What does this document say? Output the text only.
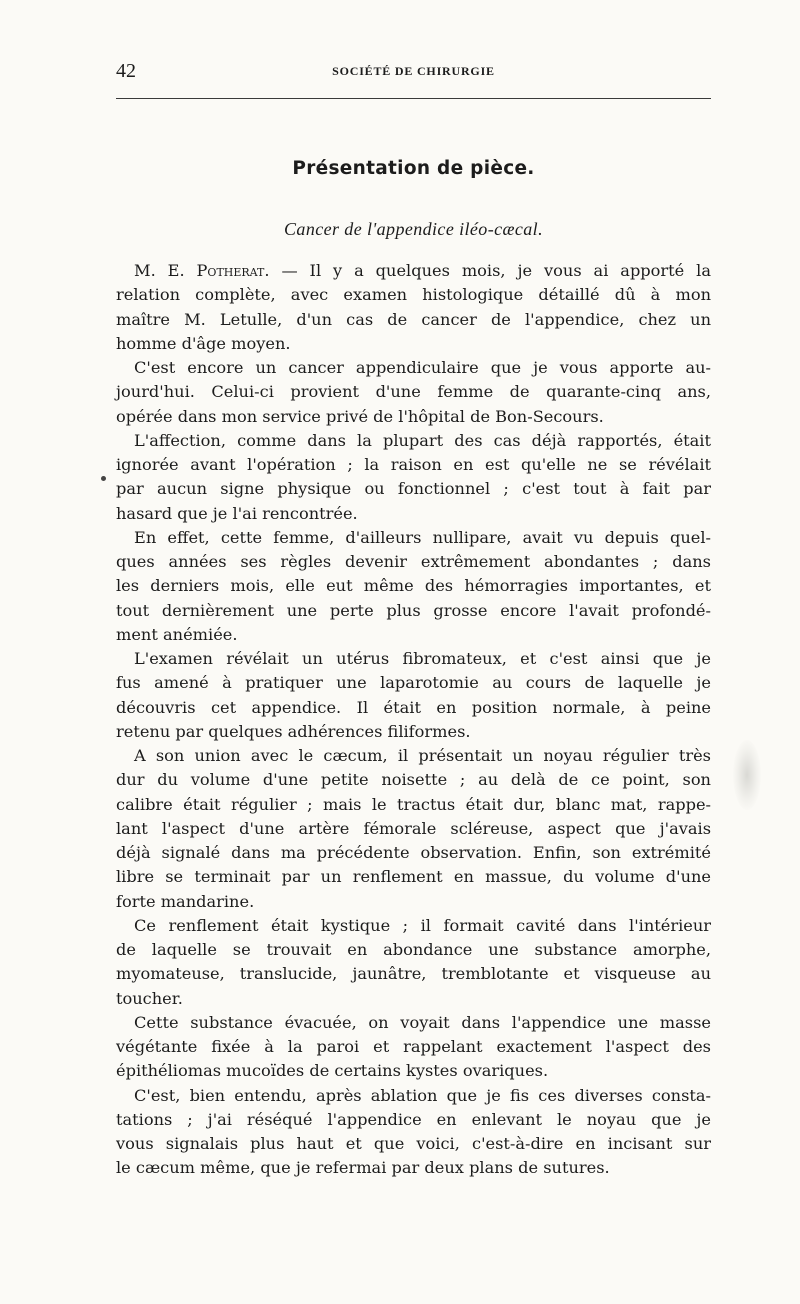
42	SOCIÉTÉ DE CHIRURGIE
Présentation de pièce.
Cancer de l'appendice iléo-cæcal.
M. E. Potherat. — Il y a quelques mois, je vous ai apporté la
relation complète, avec examen histologique détaillé dû à mon
maître M. Letulle, d'un cas de cancer de l'appendice, chez un
homme d'âge moyen.
C'est encore un cancer appendiculaire que je vous apporte au-
jourd'hui. Celui-ci provient d'une femme de quarante-cinq ans,
opérée dans mon service privé de l'hôpital de Bon-Secours.
L'affection, comme dans la plupart des cas déjà rapportés, était
ignorée avant l'opération ; la raison en est qu'elle ne se révélait
par aucun signe physique ou fonctionnel ; c'est tout à fait par
hasard que je l'ai rencontrée.
En effet, cette femme, d'ailleurs nullipare, avait vu depuis quel-
ques années ses règles devenir extrêmement abondantes ; dans
les derniers mois, elle eut même des hémorragies importantes, et
tout dernièrement une perte plus grosse encore l'avait profondé-
ment anémiée.
L'examen révélait un utérus fibromateux, et c'est ainsi que je
fus amené à pratiquer une laparotomie au cours de laquelle je
découvris cet appendice. Il était en position normale, à peine
retenu par quelques adhérences filiformes.
A son union avec le cæcum, il présentait un noyau régulier très
dur du volume d'une petite noisette ; au delà de ce point, son
calibre était régulier ; mais le tractus était dur, blanc mat, rappe-
lant l'aspect d'une artère fémorale scléreuse, aspect que j'avais
déjà signalé dans ma précédente observation. Enfin, son extrémité
libre se terminait par un renflement en massue, du volume d'une
forte mandarine.
Ce renflement était kystique ; il formait cavité dans l'intérieur
de laquelle se trouvait en abondance une substance amorphe,
myomateuse, translucide, jaunâtre, tremblotante et visqueuse au
toucher.
Cette substance évacuée, on voyait dans l'appendice une masse
végétante fixée à la paroi et rappelant exactement l'aspect des
épithéliomas mucoïdes de certains kystes ovariques.
C'est, bien entendu, après ablation que je fis ces diverses consta-
tations ; j'ai réséqué l'appendice en enlevant le noyau que je
vous signalais plus haut et que voici, c'est-à-dire en incisant sur
le cæcum même, que je refermai par deux plans de sutures.
